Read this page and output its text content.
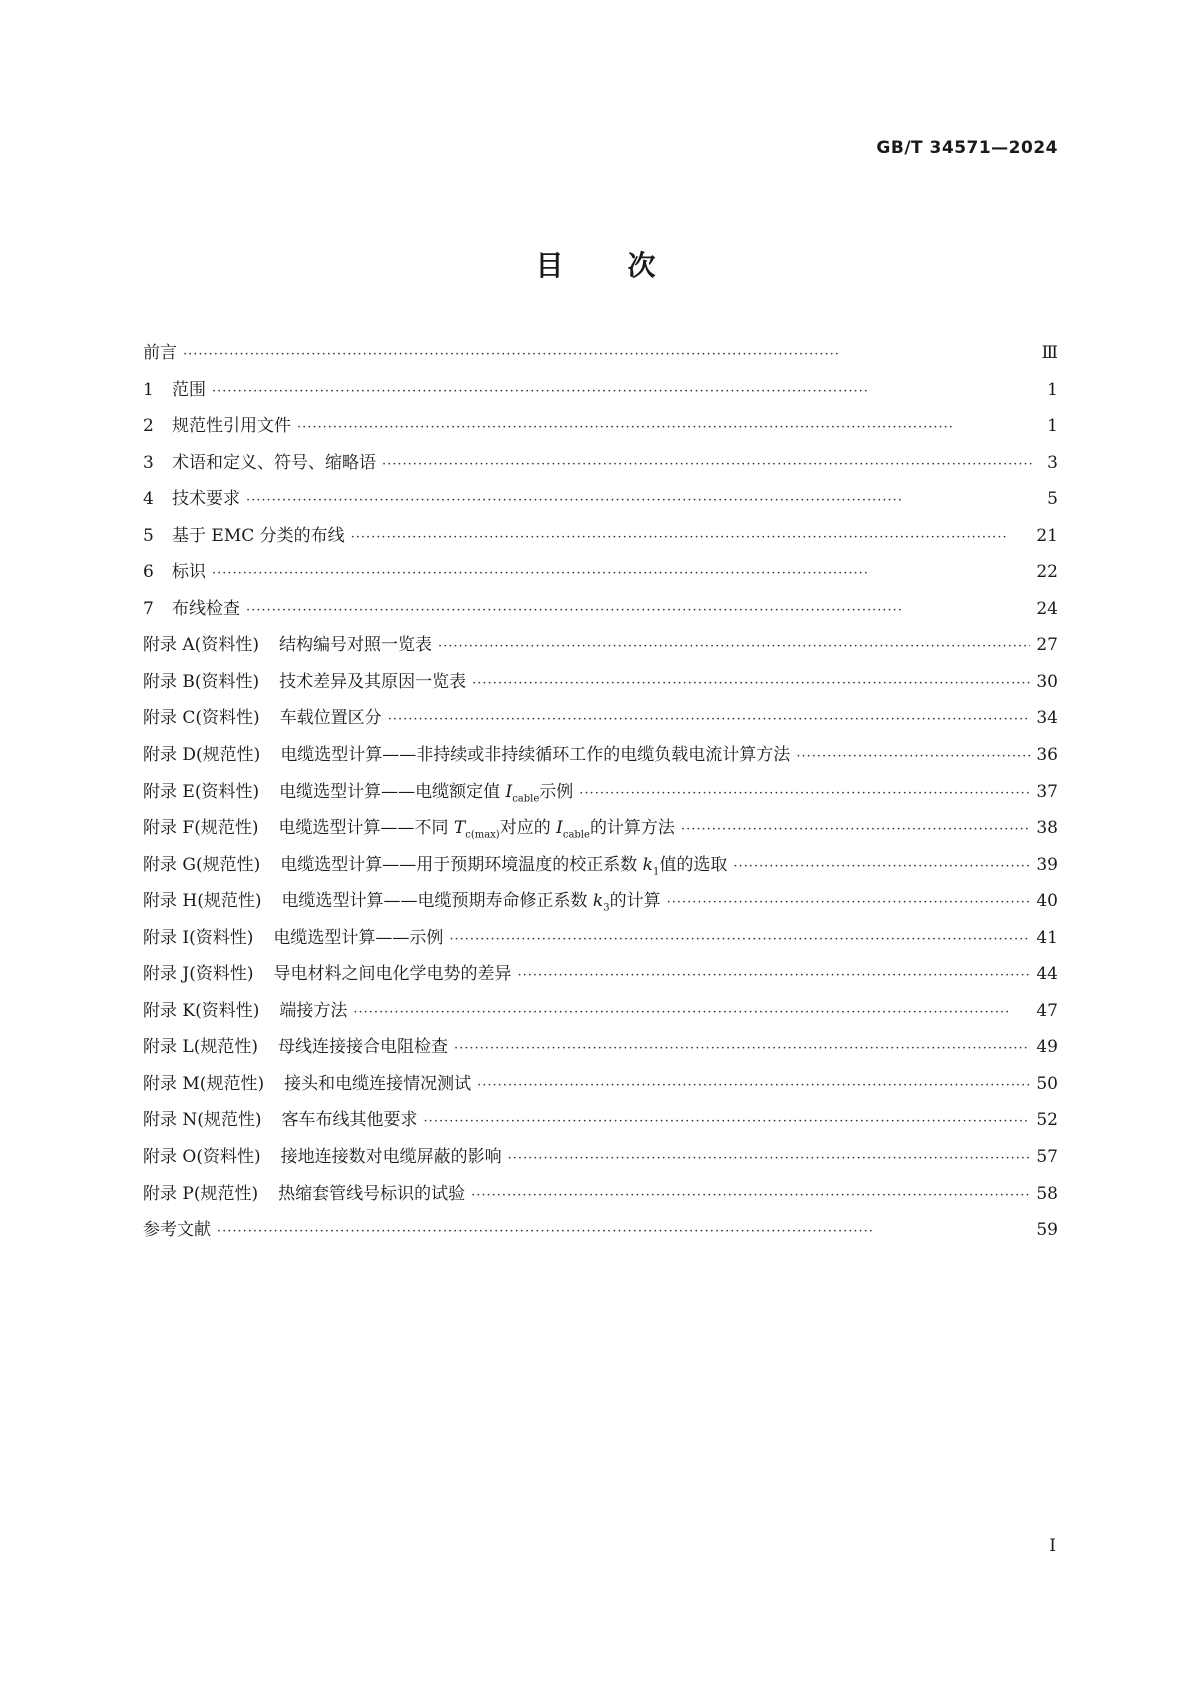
GB/T 34571—2024
目 次
前言 ·····	Ⅲ
1	范围 ·····	1
2	规范性引用文件 ·····	1
3	术语和定义、符号、缩略语 ·····	3
4	技术要求 ·····	5
5	基于 EMC 分类的布线 ·····	21
6	标识 ·····	22
7	布线检查 ·····	24
附录 A(资料性) 结构编号对照一览表 ·····	27
附录 B(资料性) 技术差异及其原因一览表 ·····	30
附录 C(资料性) 车载位置区分 ·····	34
附录 D(规范性) 电缆选型计算——非持续或非持续循环工作的电缆负载电流计算方法 ·····	36
附录 E(资料性) 电缆选型计算——电缆额定值 $I_{cable}$示例 ·····	37
附录 F(规范性) 电缆选型计算——不同 $T_{c(max)}$对应的 $I_{cable}$的计算方法 ·····	38
附录 G(规范性) 电缆选型计算——用于预期环境温度的校正系数 $k_1$值的选取 ·····	39
附录 H(规范性) 电缆选型计算——电缆预期寿命修正系数 $k_3$的计算 ·····	40
附录 I(资料性) 电缆选型计算——示例 ·····	41
附录 J(资料性) 导电材料之间电化学电势的差异 ·····	44
附录 K(资料性) 端接方法 ·····	47
附录 L(规范性) 母线连接接合电阻检查 ·····	49
附录 M(规范性) 接头和电缆连接情况测试 ·····	50
附录 N(规范性) 客车布线其他要求 ·····	52
附录 O(资料性) 接地连接数对电缆屏蔽的影响 ·····	57
附录 P(规范性) 热缩套管线号标识的试验 ·····	58
参考文献 ·····	59
I
